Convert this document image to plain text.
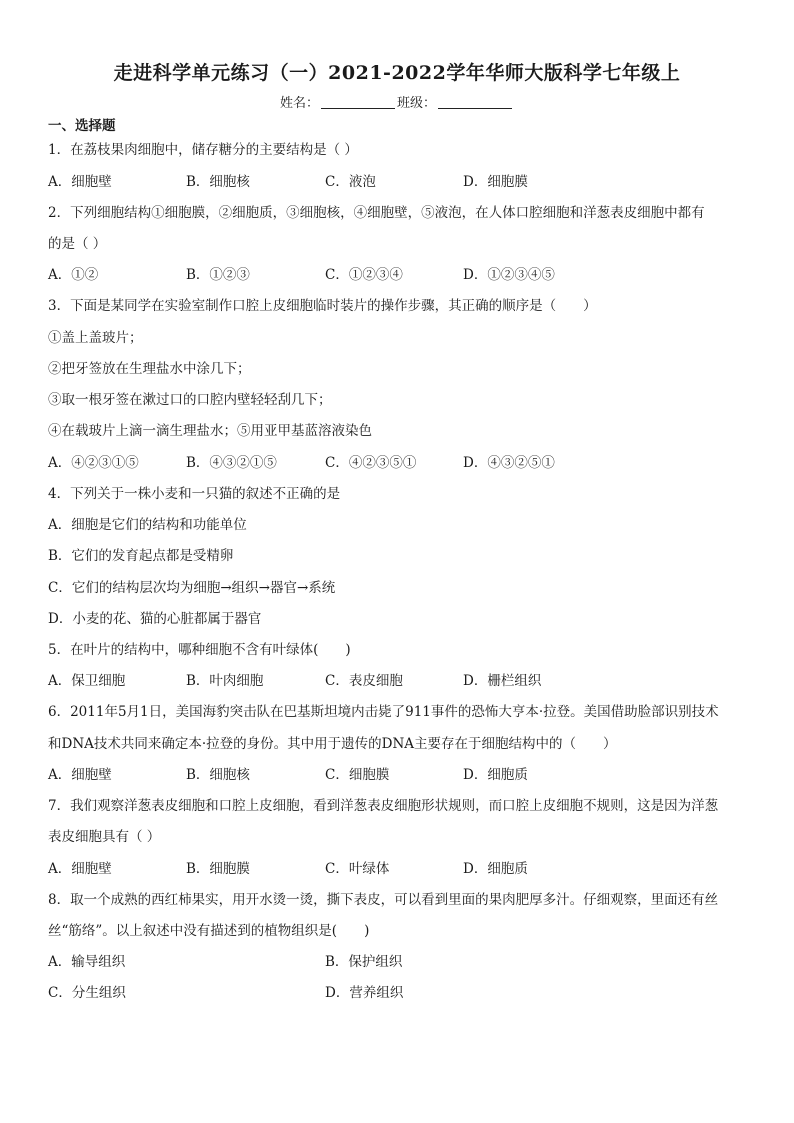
走进科学单元练习（一）2021-2022学年华师大版科学七年级上
姓名：	班级：
一、选择题
1．在荔枝果肉细胞中，储存糖分的主要结构是（ ）
A．细胞壁	B．细胞核	C．液泡	D．细胞膜
2．下列细胞结构①细胞膜，②细胞质，③细胞核，④细胞壁，⑤液泡，在人体口腔细胞和洋葱表皮细胞中都有
的是（ ）
A．①②	B．①②③	C．①②③④	D．①②③④⑤
3．下面是某同学在实验室制作口腔上皮细胞临时装片的操作步骤，其正确的顺序是（　　）
①盖上盖玻片；
②把牙签放在生理盐水中涂几下；
③取一根牙签在漱过口的口腔内壁轻轻刮几下；
④在载玻片上滴一滴生理盐水；⑤用亚甲基蓝溶液染色
A．④②③①⑤	B．④③②①⑤	C．④②③⑤①	D．④③②⑤①
4．下列关于一株小麦和一只猫的叙述不正确的是
A．细胞是它们的结构和功能单位
B．它们的发育起点都是受精卵
C．它们的结构层次均为细胞→组织→器官→系统
D．小麦的花、猫的心脏都属于器官
5．在叶片的结构中，哪种细胞不含有叶绿体(　　)
A．保卫细胞	B．叶肉细胞	C．表皮细胞	D．栅栏组织
6．2011年5月1日，美国海豹突击队在巴基斯坦境内击毙了911事件的恐怖大亨本·拉登。美国借助脸部识别技术
和DNA技术共同来确定本·拉登的身份。其中用于遗传的DNA主要存在于细胞结构中的（　　）
A．细胞壁	B．细胞核	C．细胞膜	D．细胞质
7．我们观察洋葱表皮细胞和口腔上皮细胞，看到洋葱表皮细胞形状规则，而口腔上皮细胞不规则，这是因为洋葱
表皮细胞具有（ ）
A．细胞壁	B．细胞膜	C．叶绿体	D．细胞质
8．取一个成熟的西红柿果实，用开水烫一烫，撕下表皮，可以看到里面的果肉肥厚多汁。仔细观察，里面还有丝
丝“筋络”。以上叙述中没有描述到的植物组织是(　　)
A．输导组织	B．保护组织
C．分生组织	D．营养组织
